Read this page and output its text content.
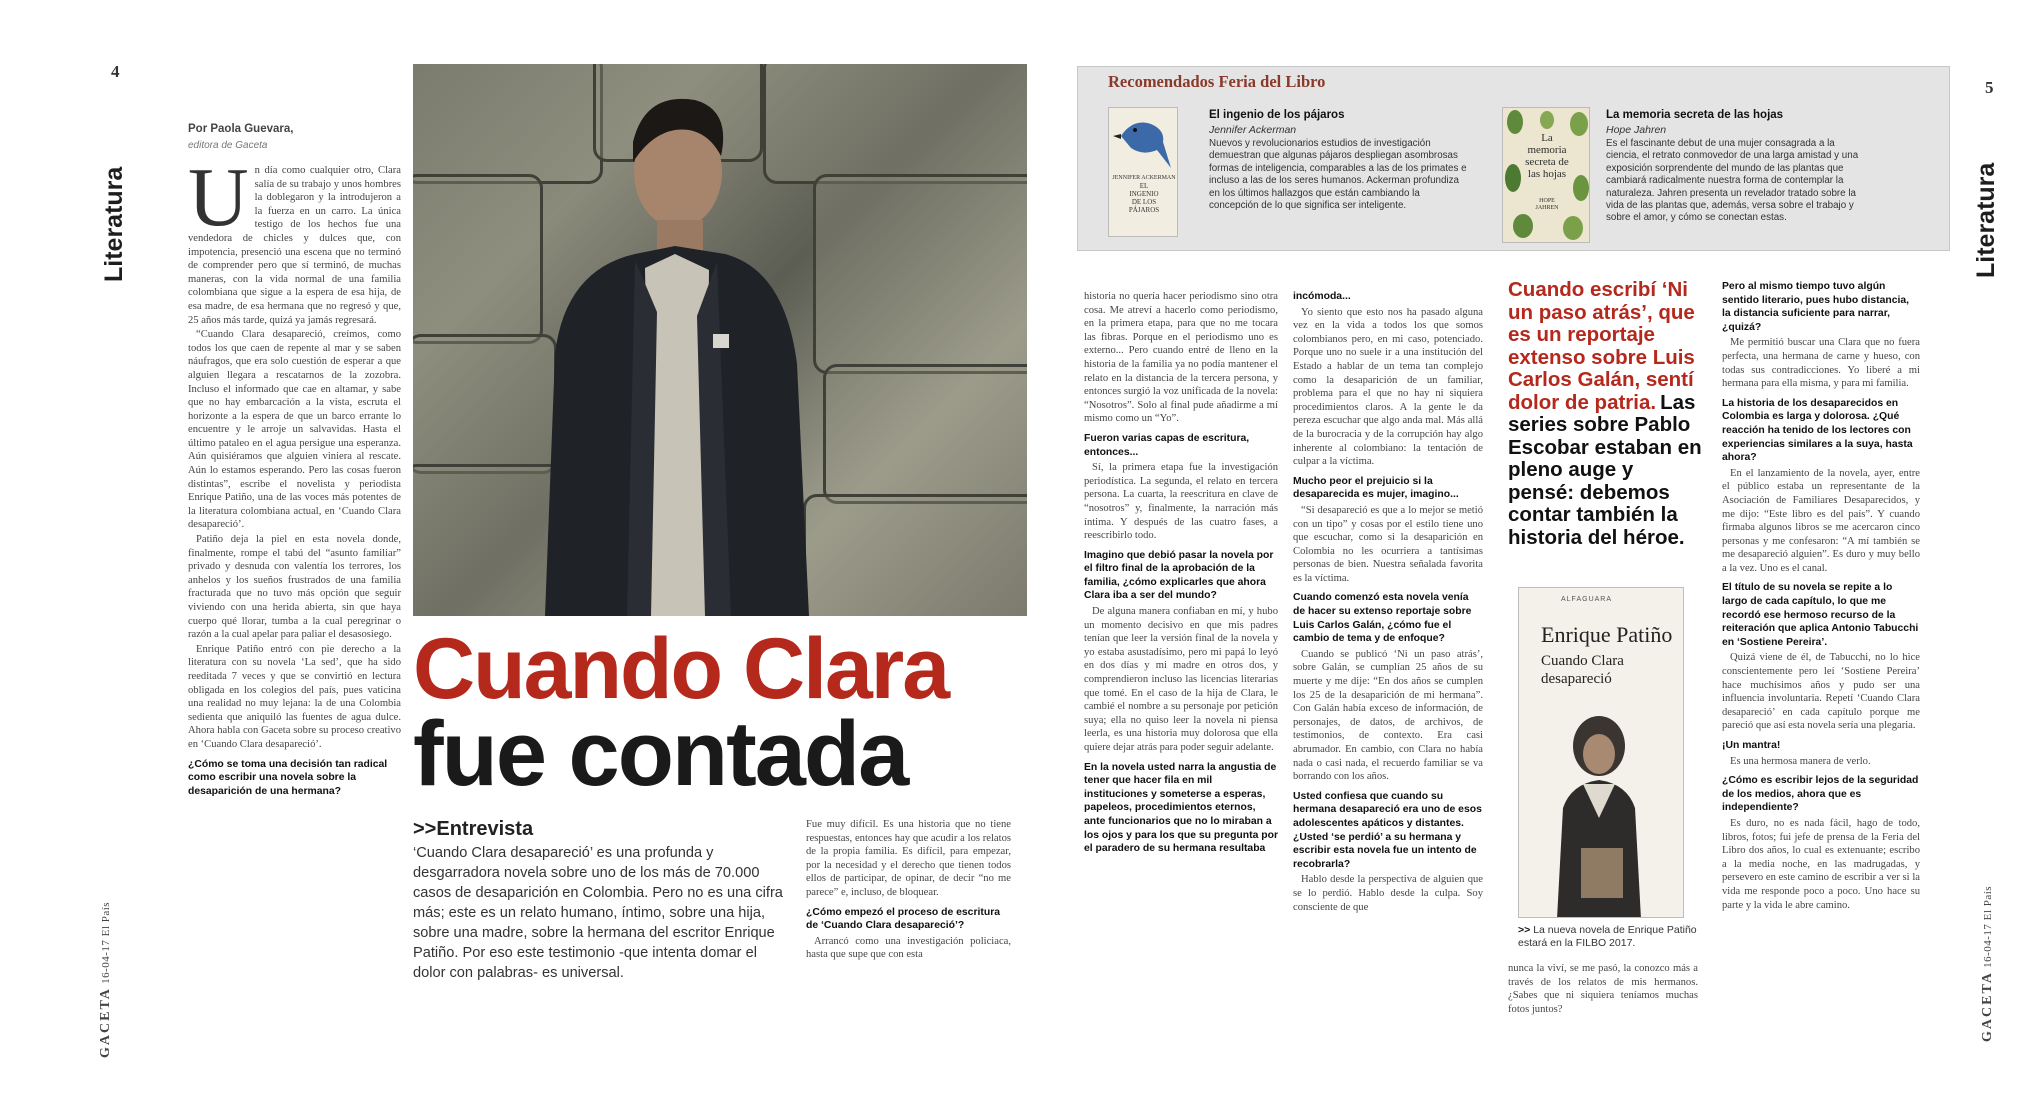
4
Literatura
GACETA 16-04-17 El País
Por Paola Guevara,
editora de Gaceta
U n día como cualquier otro, Clara salía de su trabajo y unos hombres la doblegaron y la introdujeron a la fuerza en un carro. La única testigo de los hechos fue una vendedora de chicles y dulces que, con impotencia, presenció una escena que no terminó de comprender pero que sí terminó, de muchas maneras, con la vida normal de una familia colombiana que sigue a la espera de esa hija, de esa madre, de esa hermana que no regresó y que, 25 años más tarde, quizá ya jamás regresará.

“Cuando Clara desapareció, creímos, como todos los que caen de repente al mar y se saben náufragos, que era solo cuestión de esperar a que alguien llegara a rescatarnos de la zozobra. Incluso el informado que cae en altamar, y sabe que no hay embarcación a la vista, escruta el horizonte a la espera de que un barco errante lo encuentre y le arroje un salvavidas. Hasta el último pataleo en el agua persigue una esperanza. Aún quisiéramos que alguien viniera al rescate. Aún lo estamos esperando. Pero las cosas fueron distintas”, escribe el novelista y periodista Enrique Patiño, una de las voces más potentes de la literatura colombiana actual, en ‘Cuando Clara desapareció’.

Patiño deja la piel en esta novela donde, finalmente, rompe el tabú del “asunto familiar” privado y desnuda con valentía los terrores, los anhelos y los sueños frustrados de una familia fracturada que no tuvo más opción que seguir viviendo con una herida abierta, sin que haya cuerpo qué llorar, tumba a la cual peregrinar o razón a la cual apelar para paliar el desasosiego.

Enrique Patiño entró con pie derecho a la literatura con su novela ‘La sed’, que ha sido reeditada 7 veces y que se convirtió en lectura obligada en los colegios del país, pues vaticina una realidad no muy lejana: la de una Colombia sedienta que aniquiló las fuentes de agua dulce. Ahora habla con Gaceta sobre su proceso creativo en ‘Cuando Clara desapareció’.

¿Cómo se toma una decisión tan radical como escribir una novela sobre la desaparición de una hermana?

Cuando Clara
fue contada
>>Entrevista
‘Cuando Clara desapareció’ es una profunda y desgarradora novela sobre uno de los más de 70.000 casos de desaparición en Colombia. Pero no es una cifra más; este es un relato humano, íntimo, sobre una hija, sobre una madre, sobre la hermana del escritor Enrique Patiño. Por eso este testimonio -que intenta domar el dolor con palabras- es universal.

Fue muy difícil. Es una historia que no tiene respuestas, entonces hay que acudir a los relatos de la propia familia. Es difícil, para empezar, por la necesidad y el derecho que tienen todos ellos de participar, de opinar, de decir “no me parece” e, incluso, de bloquear.

¿Cómo empezó el proceso de escritura de ‘Cuando Clara desapareció’?

Arrancó como una investigación policiaca, hasta que supe que con esta

5
Literatura
GACETA 16-04-17 El País
Recomendados Feria del Libro
JENNIFER ACKERMAN
EL
INGENIO
DE LOS
PÁJAROS
El ingenio de los pájaros
Jennifer Ackerman
Nuevos y revolucionarios estudios de investigación demuestran que algunas pájaros despliegan asombrosas formas de inteligencia, comparables a las de los primates e incluso a las de los seres humanos. Ackerman profundiza en los últimos hallazgos que están cambiando la concepción de lo que significa ser inteligente.
La
memoria
secreta de
las hojas
HOPE
JAHREN
La memoria secreta de las hojas
Hope Jahren
Es el fascinante debut de una mujer consagrada a la ciencia, el retrato conmovedor de una larga amistad y una exposición sorprendente del mundo de las plantas que cambiará radicalmente nuestra forma de contemplar la naturaleza. Jahren presenta un revelador tratado sobre la vida de las plantas que, además, versa sobre el trabajo y sobre el amor, y cómo se conectan estas.

historia no quería hacer periodismo sino otra cosa. Me atreví a hacerlo como periodismo, en la primera etapa, para que no me tocara las fibras. Porque en el periodismo uno es externo... Pero cuando entré de lleno en la historia de la familia ya no podía mantener el relato en la distancia de la tercera persona, y entonces surgió la voz unificada de la novela: “Nosotros”. Solo al final pude añadirme a mí mismo como un “Yo”.

Fueron varias capas de escritura, entonces...

Sí, la primera etapa fue la investigación periodística. La segunda, el relato en tercera persona. La cuarta, la reescritura en clave de “nosotros” y, finalmente, la narración más íntima. Y después de las cuatro fases, a reescribirlo todo.

Imagino que debió pasar la novela por el filtro final de la aprobación de la familia, ¿cómo explicarles que ahora Clara iba a ser del mundo?

De alguna manera confiaban en mí, y hubo un momento decisivo en que mis padres tenían que leer la versión final de la novela y yo estaba asustadísimo, pero mi papá lo leyó en dos días y mi madre en otros dos, y comprendieron incluso las licencias literarias que tomé. En el caso de la hija de Clara, le cambié el nombre a su personaje por petición suya; ella no quiso leer la novela ni piensa leerla, es una historia muy dolorosa que ella quiere dejar atrás para poder seguir adelante.

En la novela usted narra la angustia de tener que hacer fila en mil instituciones y someterse a esperas, papeleos, procedimientos eternos, ante funcionarios que no lo miraban a los ojos y para los que su pregunta por el paradero de su hermana resultaba

incómoda...

Yo siento que esto nos ha pasado alguna vez en la vida a todos los que somos colombianos pero, en mi caso, potenciado. Porque uno no suele ir a una institución del Estado a hablar de un tema tan complejo como la desaparición de un familiar, problema para el que no hay ni siquiera procedimientos claros. A la gente le da pereza escuchar que algo anda mal. Más allá de la burocracia y de la corrupción hay algo inherente al colombiano: la tentación de culpar a la víctima.

Mucho peor el prejuicio si la desaparecida es mujer, imagino...

“Si desapareció es que a lo mejor se metió con un tipo” y cosas por el estilo tiene uno que escuchar, como si la desaparición en Colombia no les ocurriera a tantísimas personas de bien. Nuestra señalada favorita es la víctima.

Cuando comenzó esta novela venía de hacer su extenso reportaje sobre Luis Carlos Galán, ¿cómo fue el cambio de tema y de enfoque?

Cuando se publicó ‘Ni un paso atrás’, sobre Galán, se cumplían 25 años de su muerte y me dije: “En dos años se cumplen los 25 de la desaparición de mi hermana”. Con Galán había exceso de información, de personajes, de datos, de archivos, de testimonios, de contexto. Era casi abrumador. En cambio, con Clara no había nada o casi nada, el recuerdo familiar se va borrando con los años.

Usted confiesa que cuando su hermana desapareció era uno de esos adolescentes apáticos y distantes. ¿Usted ‘se perdió’ a su hermana y escribir esta novela fue un intento de recobrarla?

Hablo desde la perspectiva de alguien que se lo perdió. Hablo desde la culpa. Soy consciente de que

Cuando escribí ‘Ni un paso atrás’, que es un reportaje extenso sobre Luis Carlos Galán, sentí dolor de patria. Las series sobre Pablo Escobar estaban en pleno auge y pensé: debemos contar también la historia del héroe.
ALFAGUARA
Enrique Patiño
Cuando Clara
desapareció
>> La nueva novela de Enrique Patiño estará en la FILBO 2017.

nunca la viví, se me pasó, la conozco más a través de los relatos de mis hermanos. ¿Sabes que ni siquiera teníamos muchas fotos juntos?

Pero al mismo tiempo tuvo algún sentido literario, pues hubo distancia, la distancia suficiente para narrar, ¿quizá?

Me permitió buscar una Clara que no fuera perfecta, una hermana de carne y hueso, con todas sus contradicciones. Yo liberé a mi hermana para ella misma, y para mi familia.

La historia de los desaparecidos en Colombia es larga y dolorosa. ¿Qué reacción ha tenido de los lectores con experiencias similares a la suya, hasta ahora?

En el lanzamiento de la novela, ayer, entre el público estaba un representante de la Asociación de Familiares Desaparecidos, y me dijo: “Este libro es del país”. Y cuando firmaba algunos libros se me acercaron cinco personas y me confesaron: “A mí también se me desapareció alguien”. Es duro y muy bello a la vez. Uno es el canal.

El título de su novela se repite a lo largo de cada capítulo, lo que me recordó ese hermoso recurso de la reiteración que aplica Antonio Tabucchi en ‘Sostiene Pereira’.

Quizá viene de él, de Tabucchi, no lo hice conscientemente pero leí ‘Sostiene Pereira’ hace muchísimos años y pudo ser una influencia involuntaria. Repetí ‘Cuando Clara desapareció’ en cada capítulo porque me pareció que así esta novela sería una plegaria.

¡Un mantra!

Es una hermosa manera de verlo.

¿Cómo es escribir lejos de la seguridad de los medios, ahora que es independiente?

Es duro, no es nada fácil, hago de todo, libros, fotos; fui jefe de prensa de la Feria del Libro dos años, lo cual es extenuante; escribo a la media noche, en las madrugadas, y persevero en este camino de escribir a ver si la vida me responde poco a poco. Uno hace su parte y la vida le abre camino.
